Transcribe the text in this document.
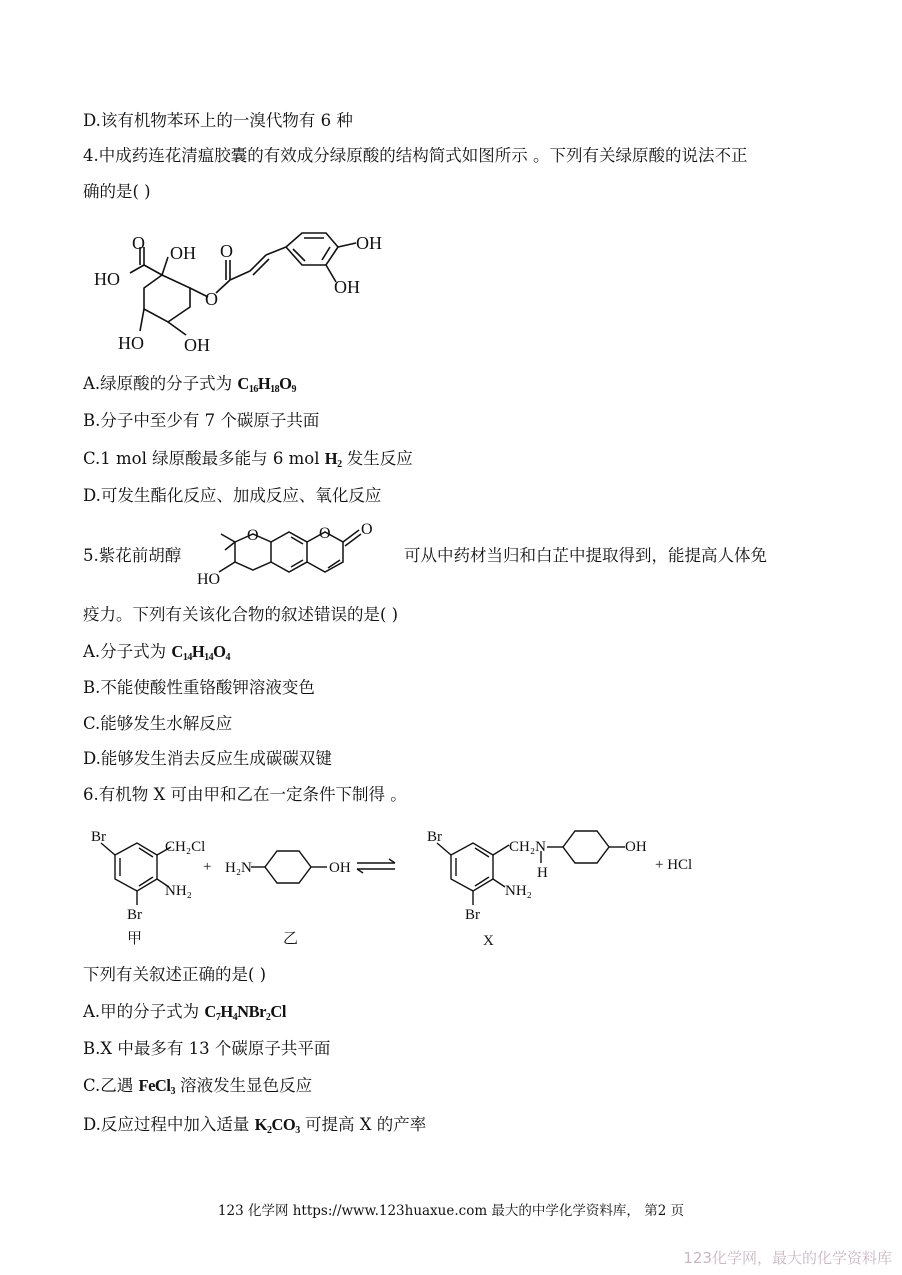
D.该有机物苯环上的一溴代物有 6 种
4.中成药连花清瘟胶囊的有效成分绿原酸的结构简式如图所示 。下列有关绿原酸的说法不正
确的是( )
O OH
HO
O
O	OH
OH
HO OH
A.绿原酸的分子式为 $C_{16}H_{18}O_9$
B.分子中至少有 7 个碳原子共面
C.1 mol 绿原酸最多能与 6 mol $H_2$ 发生反应
D.可发生酯化反应、加成反应、氧化反应
5.紫花前胡醇
O	O O
HO
可从中药材当归和白芷中提取得到，能提高人体免
疫力。下列有关该化合物的叙述错误的是( )
A.分子式为 $C_{14}H_{14}O_4$
B.不能使酸性重铬酸钾溶液变色
C.能够发生水解反应
D.能够发生消去反应生成碳碳双键
6.有机物 X 可由甲和乙在一定条件下制得 。
Br
CH₂Cl
NH₂
Br
甲
+ H₂N	OH
乙
Br
CH₂N
H
OH
NH₂
Br
X
+ HCl
下列有关叙述正确的是( )
A.甲的分子式为 $C_7H_4NBr_2Cl$
B.X 中最多有 13 个碳原子共平面
C.乙遇 FeCl$_3$ 溶液发生显色反应
D.反应过程中加入适量 $K_2CO_3$ 可提高 X 的产率
123 化学网 https://www.123huaxue.com 最大的中学化学资料库， 第2 页
123化学网，最大的化学资料库
